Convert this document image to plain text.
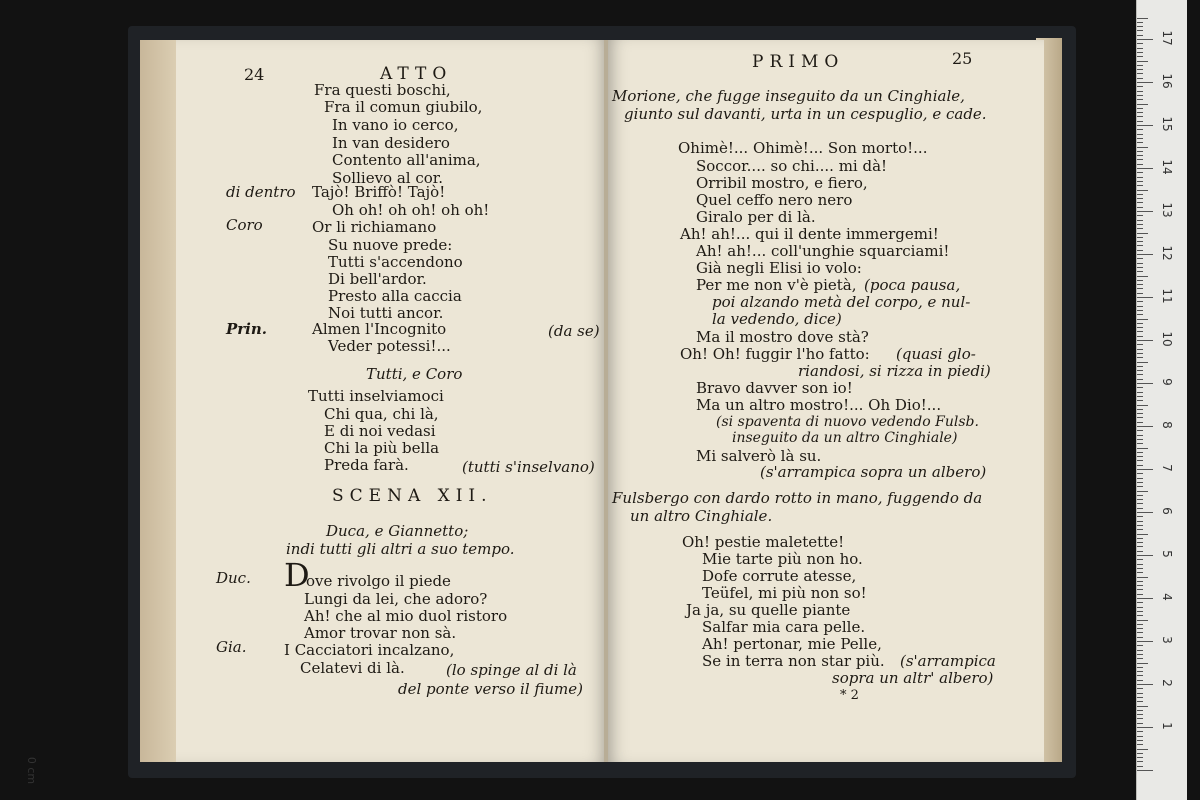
24	ATTO
Fra questi boschi,
Fra il comun giubilo,
In vano io cerco,
In van desidero
Contento all'anima,
Sollievo al cor.
di dentro Tajò! Briffò! Tajò!
Oh oh! oh oh! oh oh!
Coro	Or li richiamano
Su nuove prede:
Tutti s'accendono
Di bell'ardor.
Presto alla caccia
Noi tutti ancor.
Prin.	Almen l'Incognito	(da se)
Veder potessi!...
Tutti, e Coro
Tutti inselviamoci
Chi qua, chi là,
E di noi vedasi
Chi la più bella
Preda farà.	(tutti s'inselvano)
SCENA XII.
Duca, e Giannetto;
indi tutti gli altri a suo tempo.
Duc. D
ove rivolgo il piede
Lungi da lei, che adoro?
Ah! che al mio duol ristoro
Amor trovar non sà.
Gia.	I Cacciatori incalzano,
Celatevi di là.	(lo spinge al di là
del ponte verso il fiume)
PRIMO	25
Morione, che fugge inseguito da un Cinghiale,
giunto sul davanti, urta in un cespuglio, e cade.
Ohimè!... Ohimè!... Son morto!...
Soccor.... so chi.... mi dà!
Orribil mostro, e fiero,
Quel ceffo nero nero
Giralo per di là.
Ah! ah!... qui il dente immergemi!
Ah! ah!... coll'unghie squarciami!
Già negli Elisi io volo:
Per me non v'è pietà, (poca pausa,
poi alzando metà del corpo, e nul-
la vedendo, dice)
Ma il mostro dove stà?
Oh! Oh! fuggir l'ho fatto: (quasi glo-
riandosi, si rizza in piedi)
Bravo davver son io!
Ma un altro mostro!... Oh Dio!...
(si spaventa di nuovo vedendo Fulsb.
inseguito da un altro Cinghiale)
Mi salverò là su.
(s'arrampica sopra un albero)
Fulsbergo con dardo rotto in mano, fuggendo da
un altro Cinghiale.
Oh! pestie maletette!
Mie tarte più non ho.
Dofe corrute atesse,
Teüfel, mi più non so!
Ja ja, su quelle piante
Salfar mia cara pelle.
Ah! pertonar, mie Pelle,
Se in terra non star più. (s'arrampica
sopra un altr' albero)
* 2
1
2
3
4
5
6
7
8
9
10
11
12
13
14
15
16
17
0 cm
